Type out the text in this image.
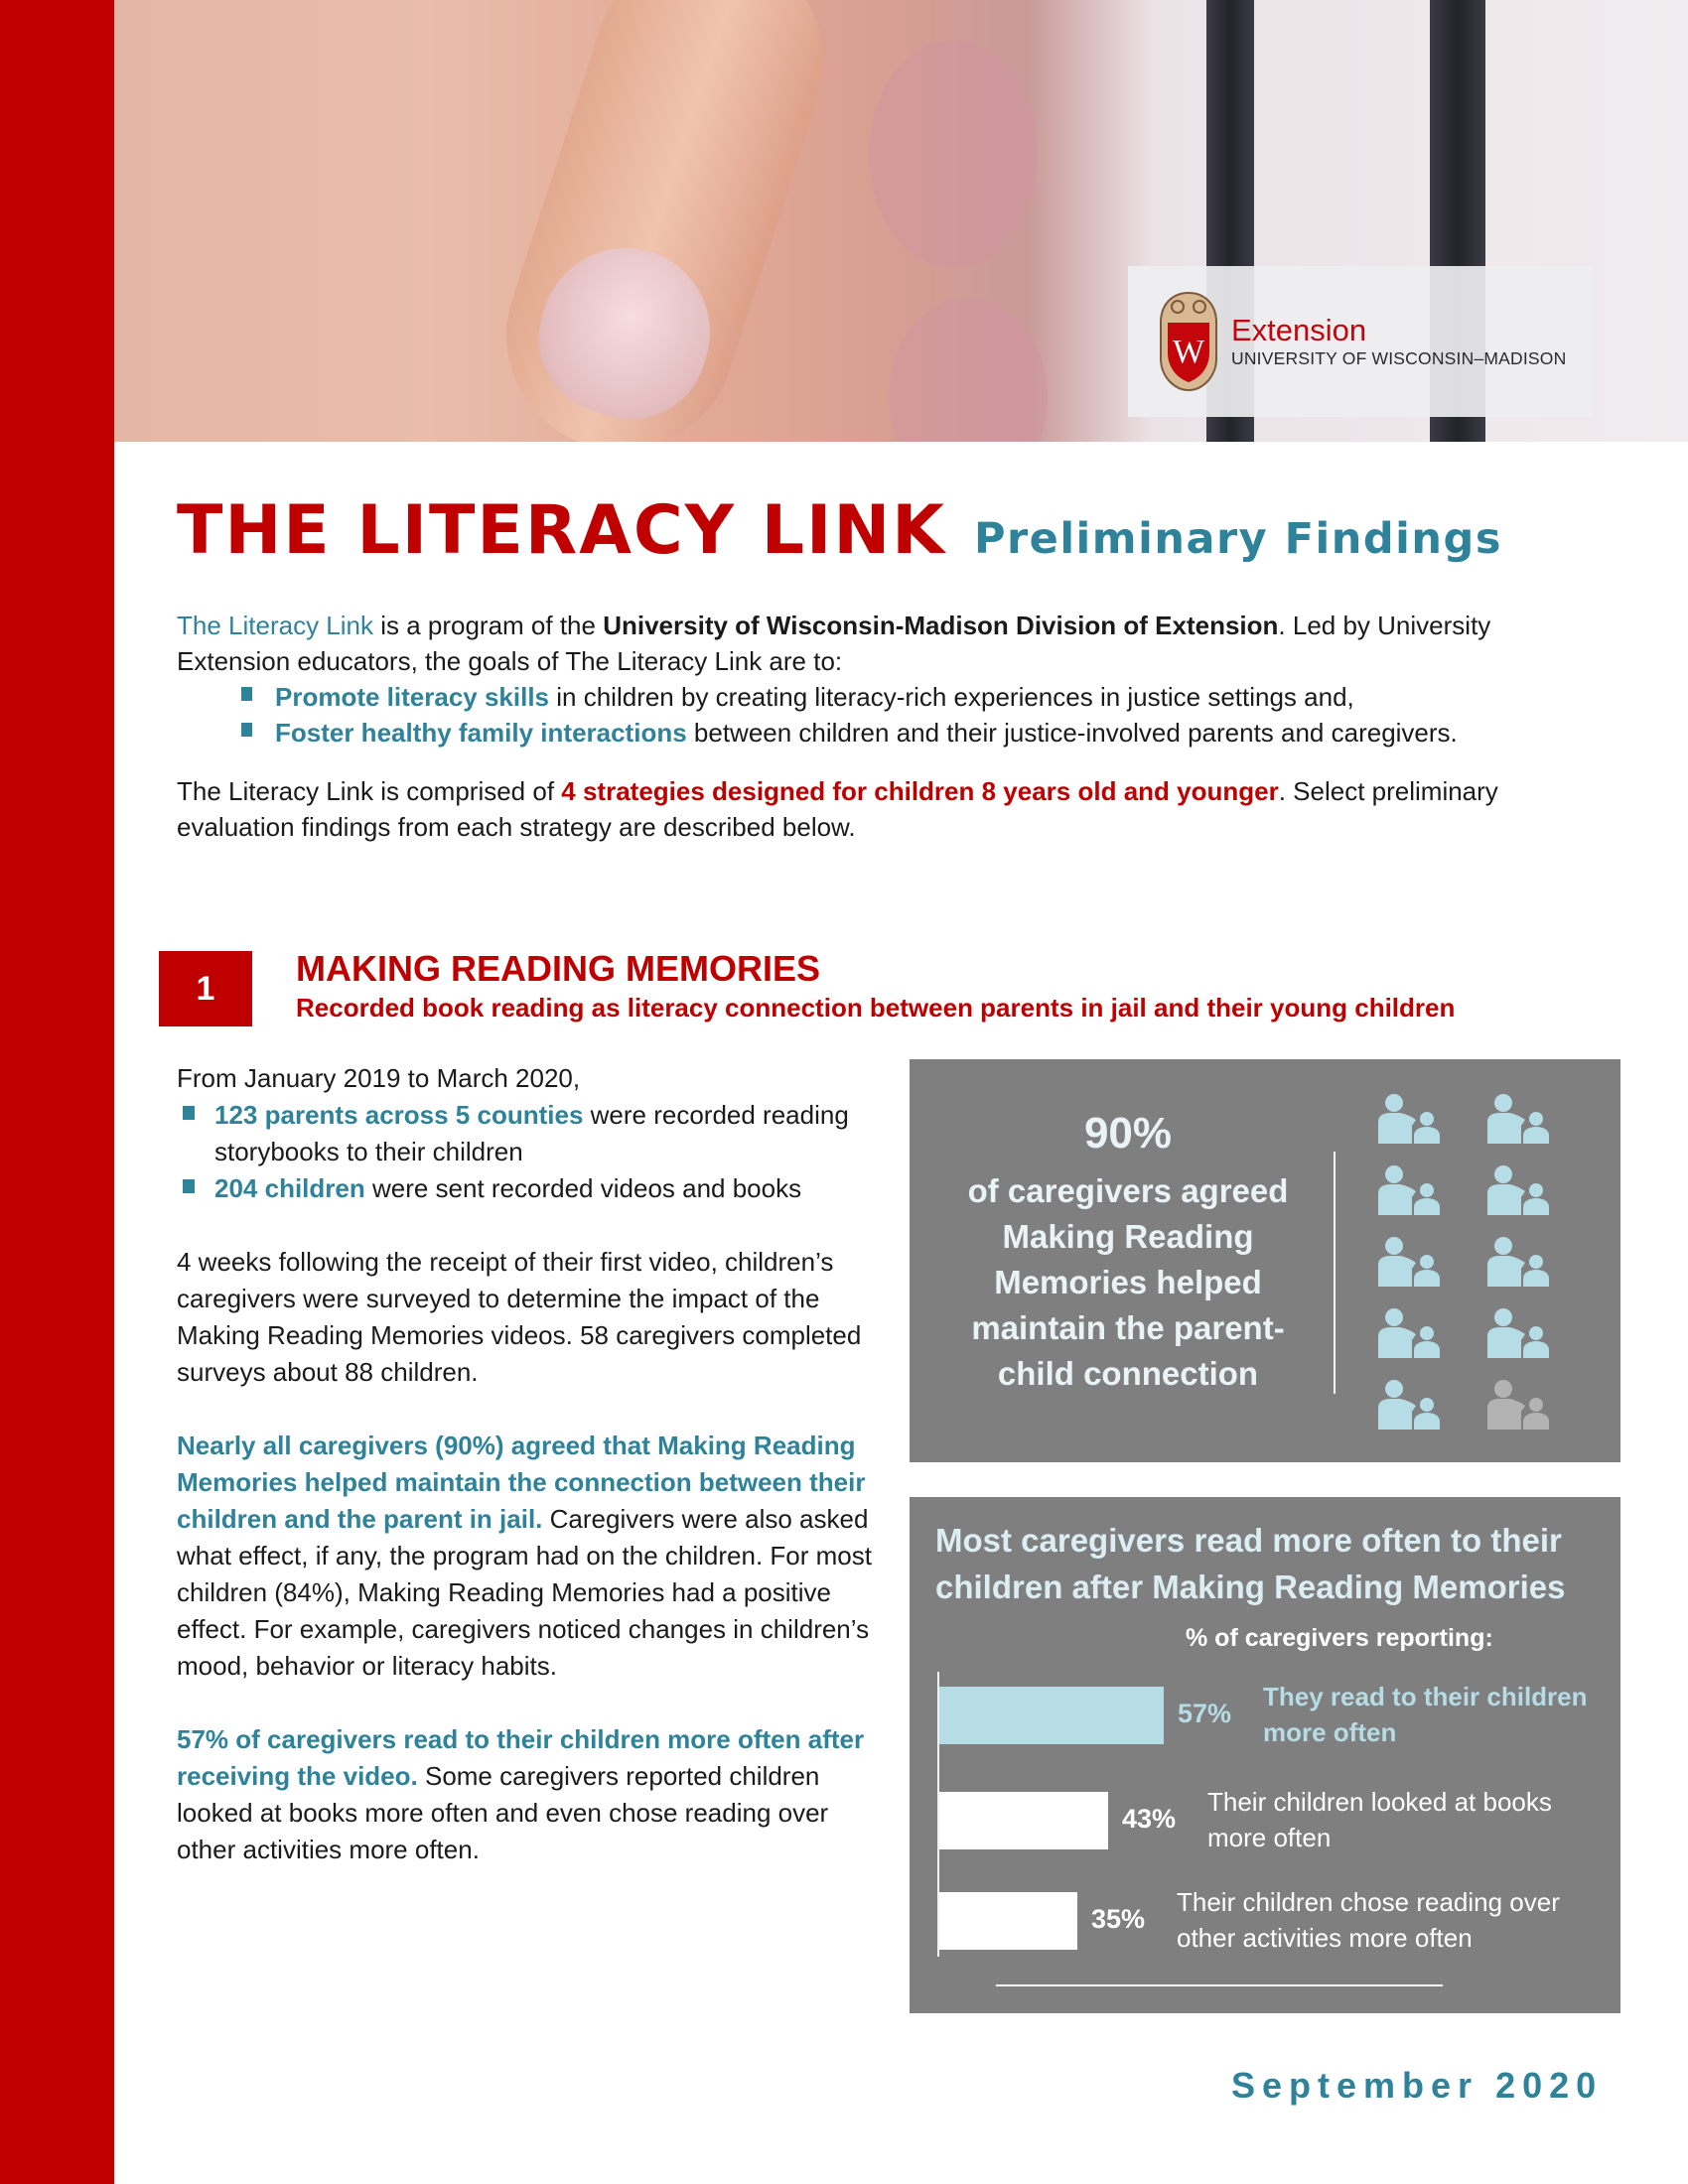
W
Extension
UNIVERSITY OF WISCONSIN–MADISON
THE LITERACY LINK Preliminary Findings

The Literacy Link is a program of the University of Wisconsin-Madison Division of Extension. Led by University Extension educators, the goals of The Literacy Link are to:

Promote literacy skills in children by creating literacy-rich experiences in justice settings and,
Foster healthy family interactions between children and their justice-involved parents and caregivers.

The Literacy Link is comprised of 4 strategies designed for children 8 years old and younger. Select preliminary evaluation findings from each strategy are described below.

1	MAKING READING MEMORIES
Recorded book reading as literacy connection between parents in jail and their young children

From January 2019 to March 2020,

123 parents across 5 counties were recorded reading storybooks to their children
204 children were sent recorded videos and books

4 weeks following the receipt of their first video, children’s caregivers were surveyed to determine the impact of the Making Reading Memories videos. 58 caregivers completed surveys about 88 children.

Nearly all caregivers (90%) agreed that Making Reading Memories helped maintain the connection between their children and the parent in jail. Caregivers were also asked what effect, if any, the program had on the children. For most children (84%), Making Reading Memories had a positive effect. For example, caregivers noticed changes in children’s mood, behavior or literacy habits.

57% of caregivers read to their children more often after receiving the video. Some caregivers reported children looked at books more often and even chose reading over other activities more often.

90%
of caregivers agreed Making Reading Memories helped maintain the parent-child connection
Most caregivers read more often to their children after Making Reading Memories
% of caregivers reporting:
57%
They read to their children more often
43%
Their children looked at books more often
35%
Their children chose reading over other activities more often
September 2020
